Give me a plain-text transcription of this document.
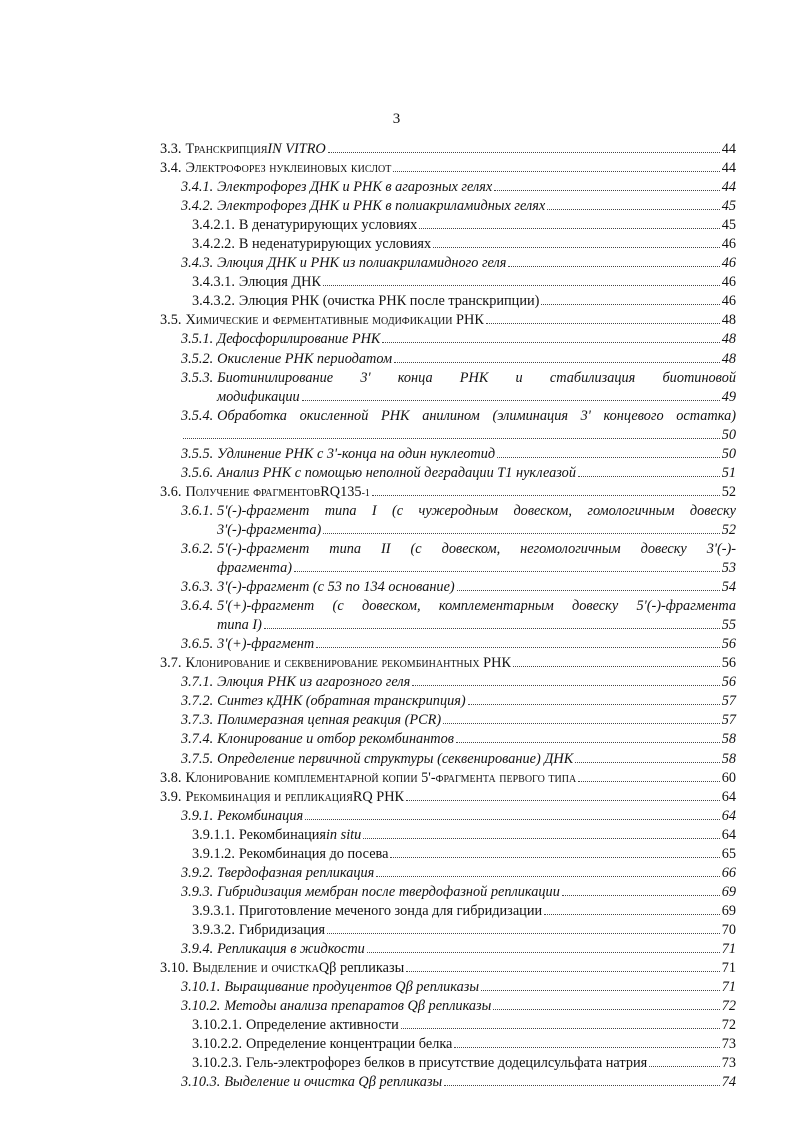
3
3.3. Транскрипция IN VITRO	44
3.4. Электрофорез нуклеиновых кислот	44
3.4.1. Электрофорез ДНК и РНК в агарозных гелях	44
3.4.2. Электрофорез ДНК и РНК в полиакриламидных гелях	45
3.4.2.1. В денатурирующих условиях	45
3.4.2.2. В неденатурирующих условиях	46
3.4.3. Элюция ДНК и РНК из полиакриламидного геля	46
3.4.3.1. Элюция ДНК	46
3.4.3.2. Элюция РНК (очистка РНК после транскрипции)	46
3.5. Химические и ферментативные модификации РНК	48
3.5.1. Дефосфорилирование РНК	48
3.5.2. Окисление РНК периодатом	48
3.5.3. Биотинилирование 3' конца РНК и стабилизация биотиновой
модификации	49
3.5.4. Обработка окисленной РНК анилином (элиминация 3' концевого остатка)
50
3.5.5. Удлинение РНК с 3'-конца на один нуклеотид	50
3.5.6. Анализ РНК с помощью неполной деградации Т1 нуклеазой	51
3.6. Получение фрагментов RQ135 -1	52
3.6.1. 5'(-)-фрагмент типа I (с чужеродным довеском, гомологичным довеску
3'(-)-фрагмента)	52
3.6.2. 5'(-)-фрагмент типа II (с довеском, негомологичным довеску 3'(-)-
фрагмента)	53
3.6.3. 3'(-)-фрагмент (с 53 по 134 основание)	54
3.6.4. 5'(+)-фрагмент (с довеском, комплементарным довеску 5'(-)-фрагмента
типа I)	55
3.6.5. 3'(+)-фрагмент	56
3.7. Клонирование и секвенирование рекомбинантных РНК	56
3.7.1. Элюция РНК из агарозного геля	56
3.7.2. Синтез кДНК (обратная транскрипция)	57
3.7.3. Полимеразная цепная реакция (PCR)	57
3.7.4. Клонирование и отбор рекомбинантов	58
3.7.5. Определение первичной структуры (секвенирование) ДНК	58
3.8. Клонирование комплементарной копии 5'-фрагмента первого типа	60
3.9. Рекомбинация и репликация RQ РНК	64
3.9.1. Рекомбинация	64
3.9.1.1. Рекомбинация in situ	64
3.9.1.2. Рекомбинация до посева	65
3.9.2. Твердофазная репликация	66
3.9.3. Гибридизация мембран после твердофазной репликации	69
3.9.3.1. Приготовление меченого зонда для гибридизации	69
3.9.3.2. Гибридизация	70
3.9.4. Репликация в жидкости	71
3.10. Выделение и очистка Qβ репликазы	71
3.10.1. Выращивание продуцентов Qβ репликазы	71
3.10.2. Методы анализа препаратов Qβ репликазы	72
3.10.2.1. Определение активности	72
3.10.2.2. Определение концентрации белка	73
3.10.2.3. Гель-электрофорез белков в присутствие додецилсульфата натрия	73
3.10.3. Выделение и очистка Qβ репликазы	74
